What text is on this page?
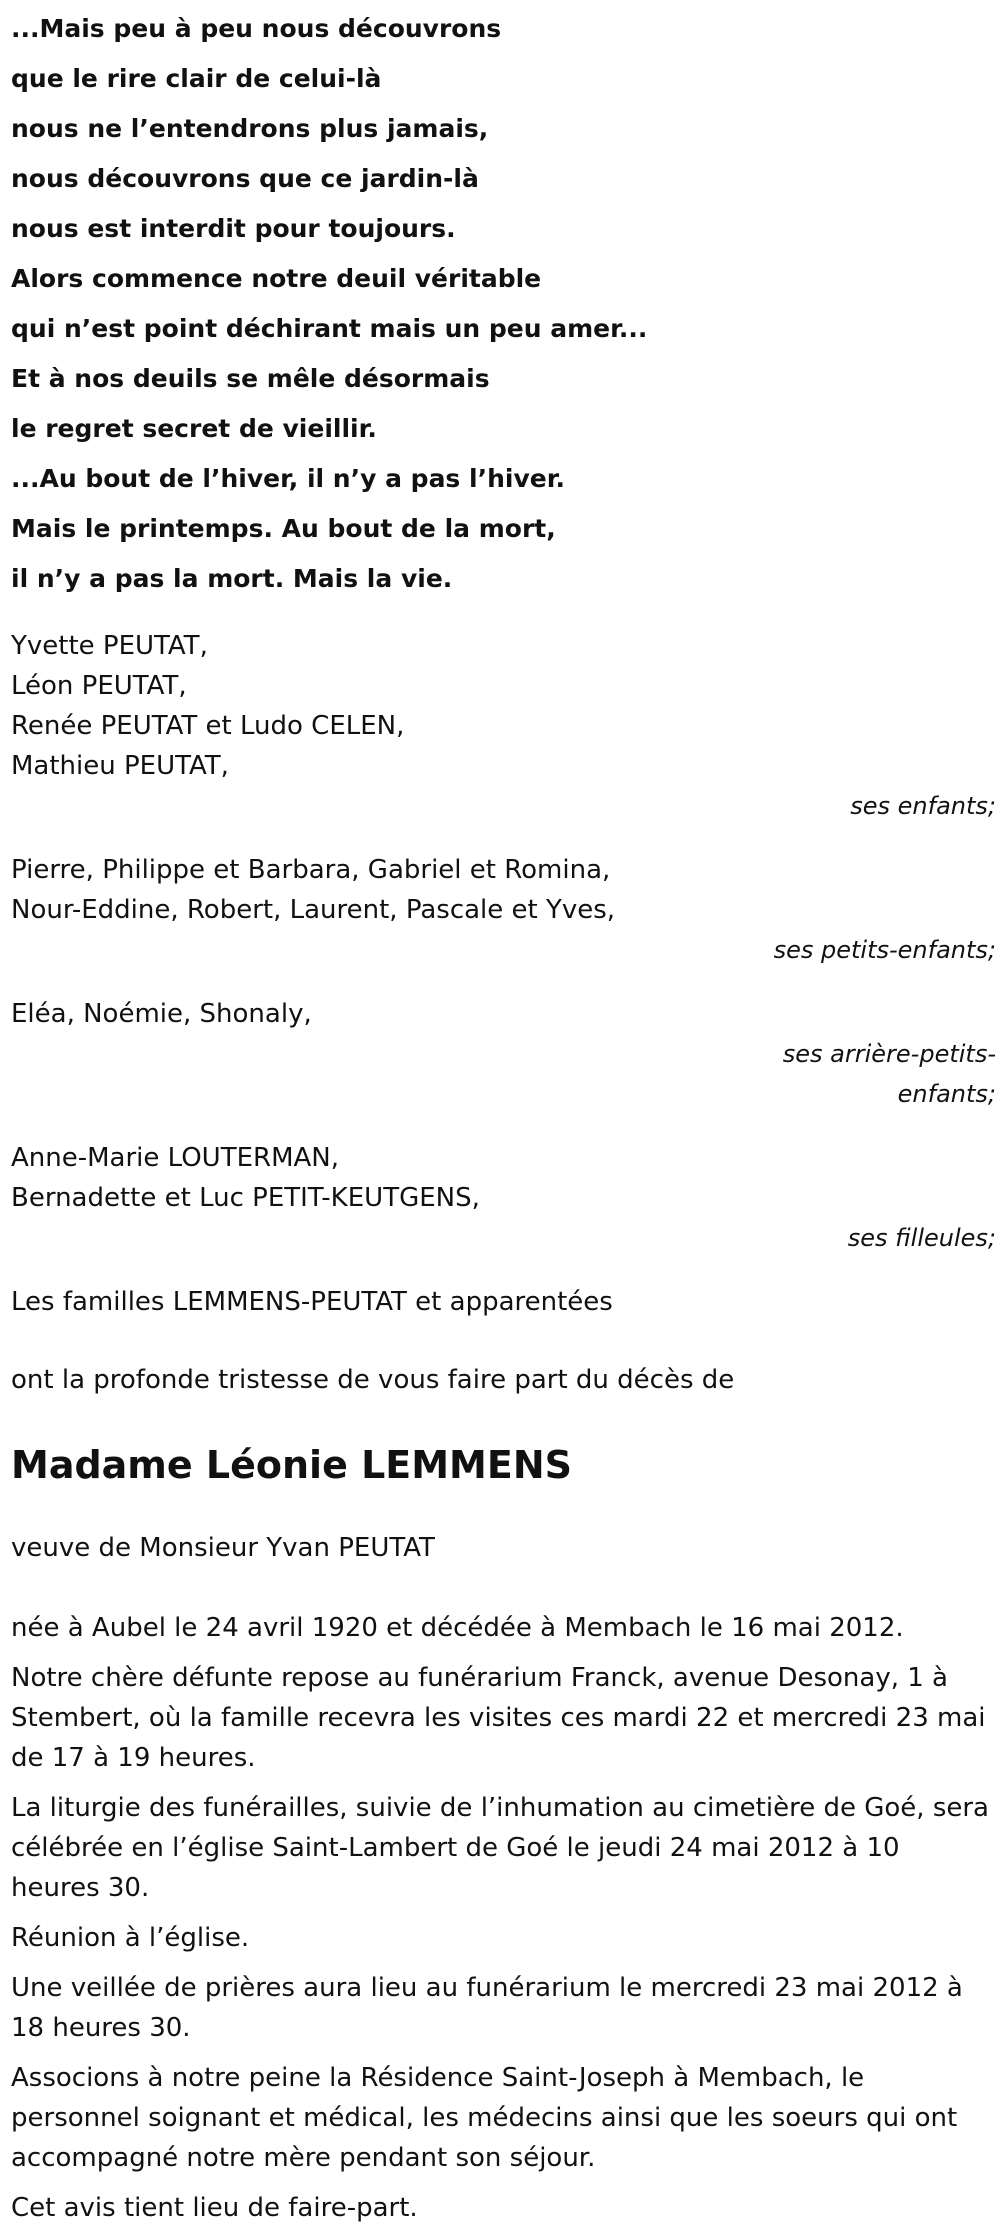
...Mais peu à peu nous découvrons
que le rire clair de celui-là
nous ne l’entendrons plus jamais,
nous découvrons que ce jardin-là
nous est interdit pour toujours.
Alors commence notre deuil véritable
qui n’est point déchirant mais un peu amer...
Et à nos deuils se mêle désormais
le regret secret de vieillir.
...Au bout de l’hiver, il n’y a pas l’hiver.
Mais le printemps. Au bout de la mort,
il n’y a pas la mort. Mais la vie.
Yvette PEUTAT,
Léon PEUTAT,
Renée PEUTAT et Ludo CELEN,
Mathieu PEUTAT,
ses enfants;
Pierre, Philippe et Barbara, Gabriel et Romina,
Nour-Eddine, Robert, Laurent, Pascale et Yves,
ses petits-enfants;
Eléa, Noémie, Shonaly,
ses arrière-petits-
enfants;
Anne-Marie LOUTERMAN,
Bernadette et Luc PETIT-KEUTGENS,
ses filleules;
Les familles LEMMENS-PEUTAT et apparentées

ont la profonde tristesse de vous faire part du décès de

Madame Léonie LEMMENS

veuve de Monsieur Yvan PEUTAT

née à Aubel le 24 avril 1920 et décédée à Membach le 16 mai 2012.

Notre chère défunte repose au funérarium Franck, avenue Desonay, 1 à Stembert, où la famille recevra les visites ces mardi 22 et mercredi 23 mai de 17 à 19 heures.

La liturgie des funérailles, suivie de l’inhumation au cimetière de Goé, sera célébrée en l’église Saint-Lambert de Goé le jeudi 24 mai 2012 à 10 heures 30.

Réunion à l’église.

Une veillée de prières aura lieu au funérarium le mercredi 23 mai 2012 à 18 heures 30.

Associons à notre peine la Résidence Saint-Joseph à Membach, le personnel soignant et médical, les médecins ainsi que les soeurs qui ont accompagné notre mère pendant son séjour.

Cet avis tient lieu de faire-part.
